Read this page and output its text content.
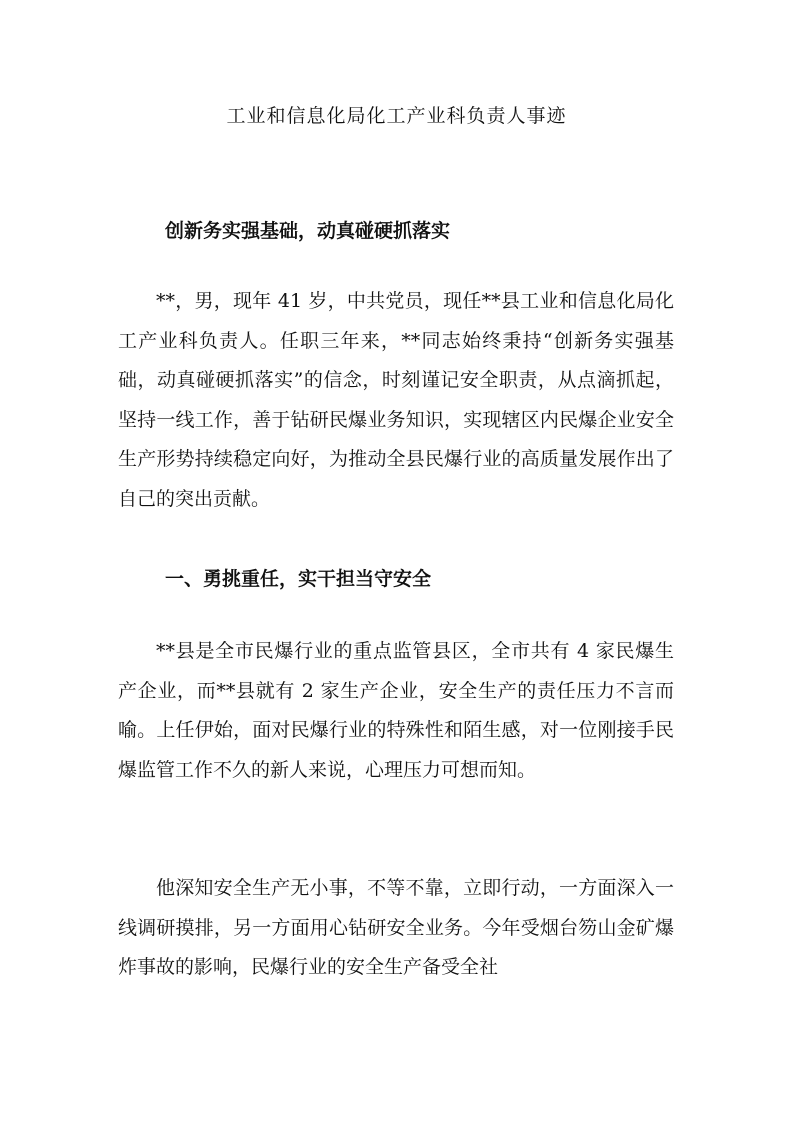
工业和信息化局化工产业科负责人事迹
创新务实强基础，动真碰硬抓落实

**，男，现年 41 岁，中共党员，现任**县工业和信息化局化工产业科负责人。任职三年来，**同志始终秉持“创新务实强基础，动真碰硬抓落实”的信念，时刻谨记安全职责，从点滴抓起，坚持一线工作，善于钻研民爆业务知识，实现辖区内民爆企业安全生产形势持续稳定向好，为推动全县民爆行业的高质量发展作出了自己的突出贡献。

一、勇挑重任，实干担当守安全

**县是全市民爆行业的重点监管县区，全市共有 4 家民爆生产企业，而**县就有 2 家生产企业，安全生产的责任压力不言而喻。上任伊始，面对民爆行业的特殊性和陌生感，对一位刚接手民爆监管工作不久的新人来说，心理压力可想而知。

他深知安全生产无小事，不等不靠，立即行动，一方面深入一线调研摸排，另一方面用心钻研安全业务。今年受烟台笏山金矿爆炸事故的影响，民爆行业的安全生产备受全社
